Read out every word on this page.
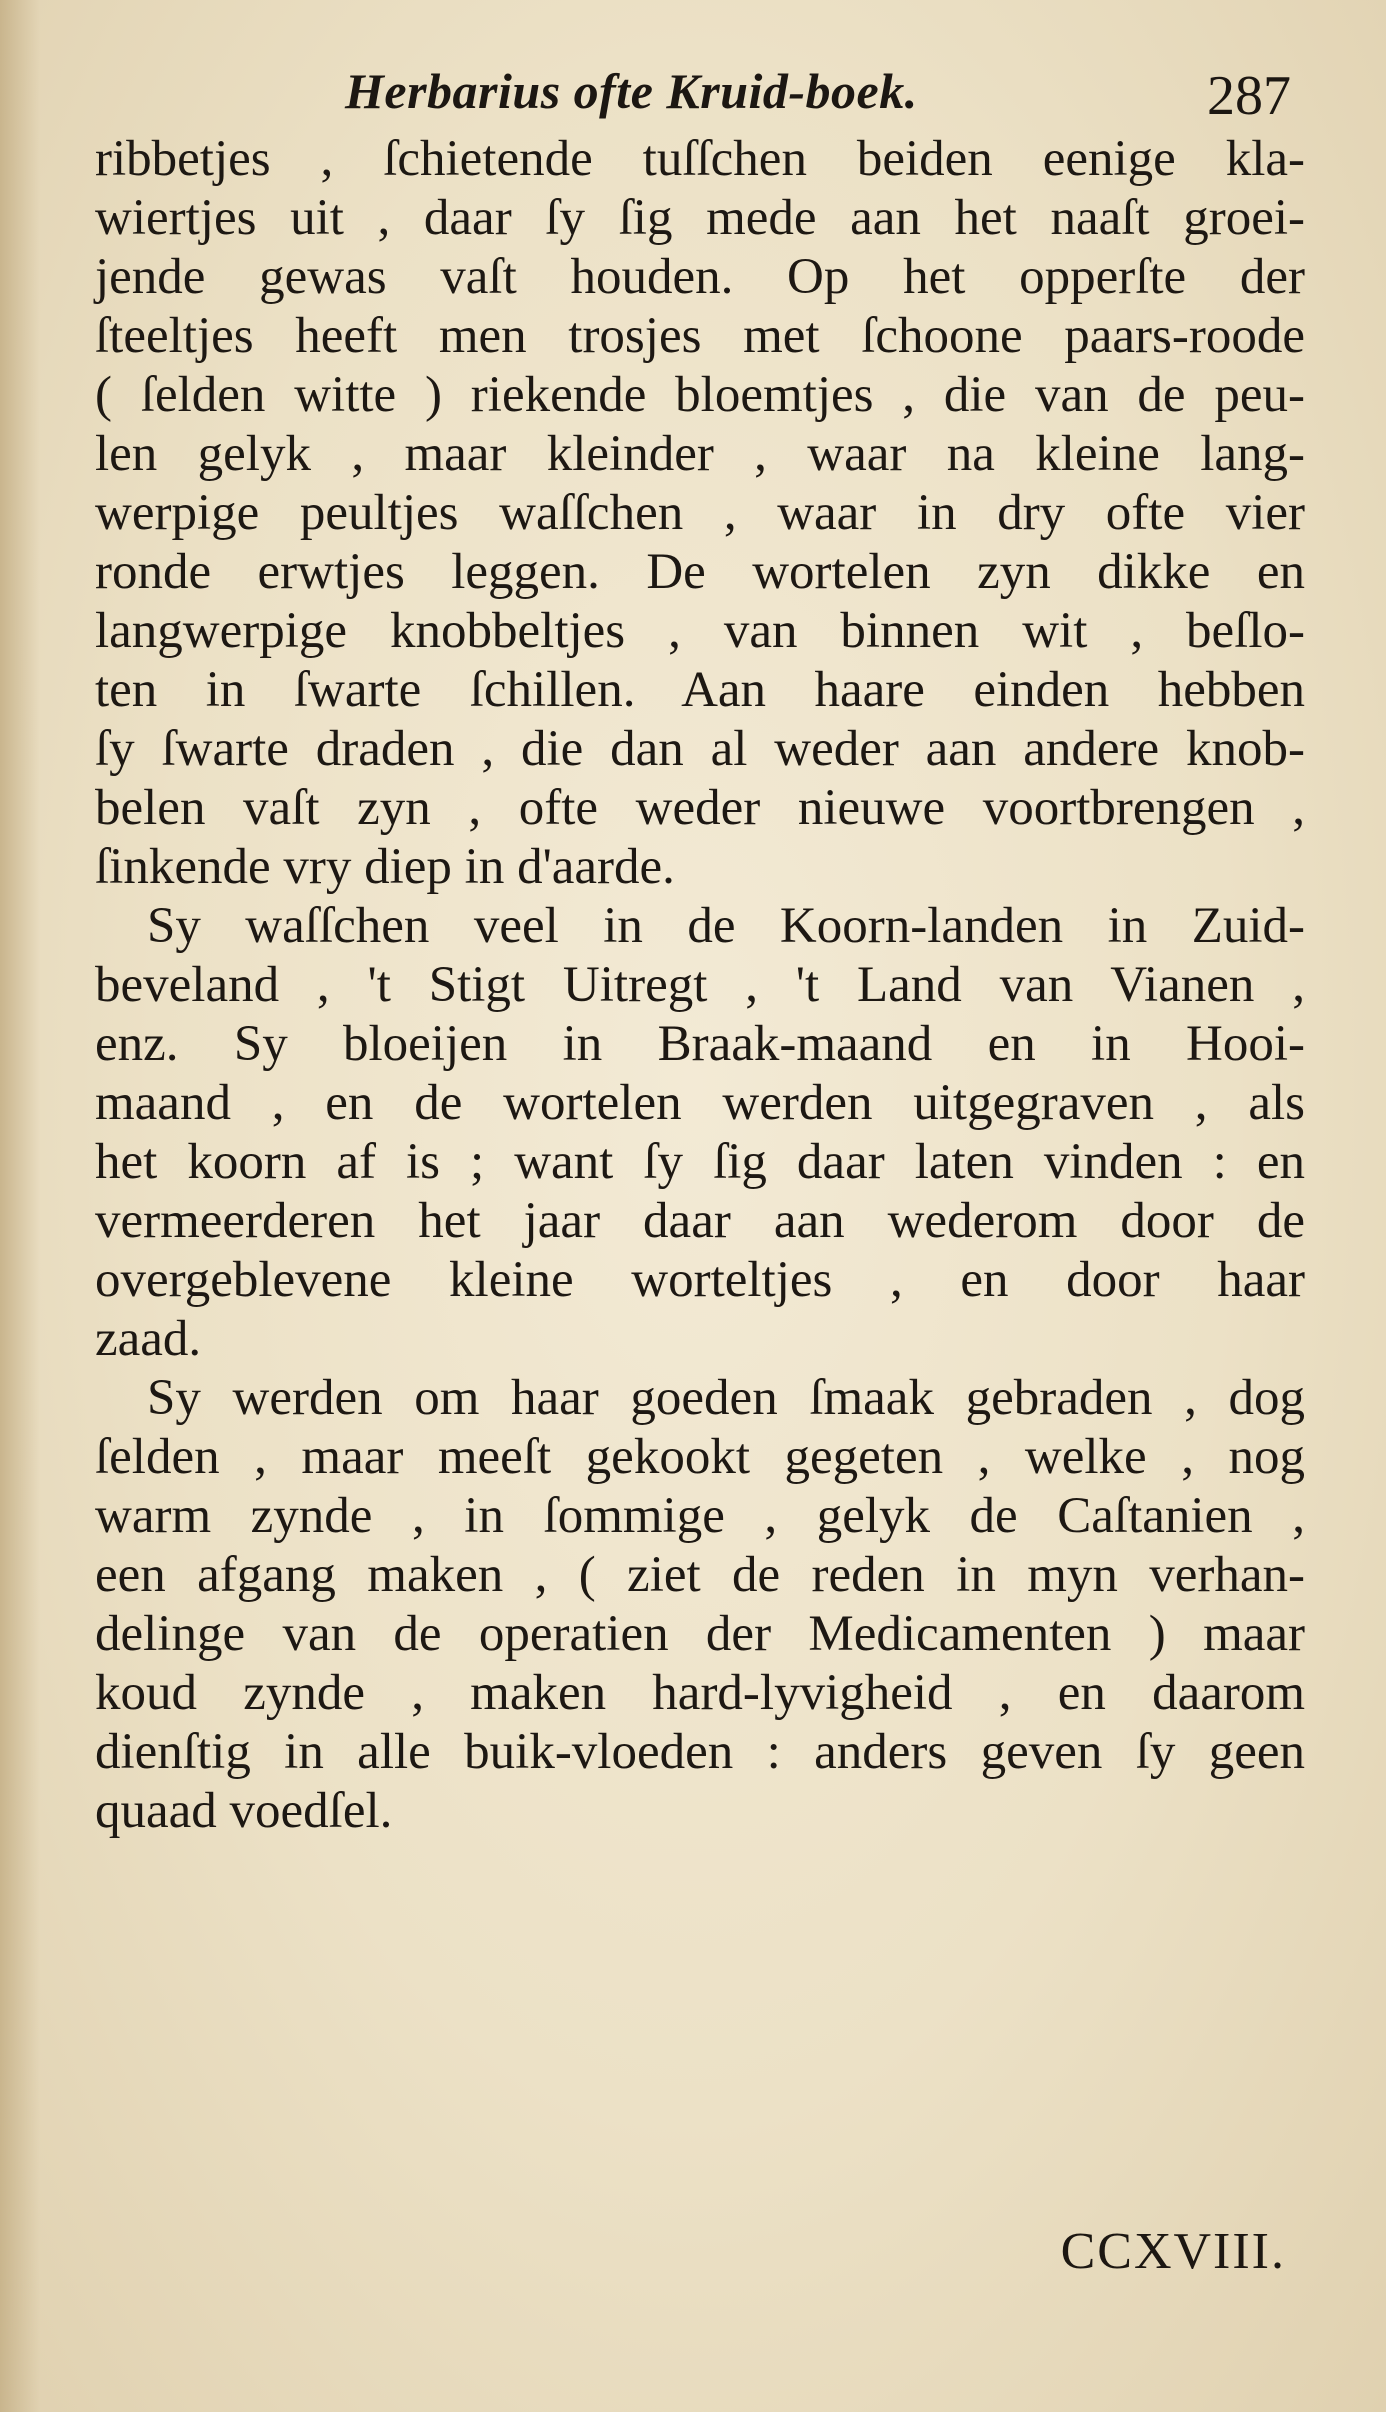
Herbarius ofte Kruid-boek.	287

ribbetjes , ſchietende tuſſchen beiden eenige kla-
wiertjes uit , daar ſy ſig mede aan het naaſt groei-
jende gewas vaſt houden. Op het opperſte der
ſteeltjes heeft men trosjes met ſchoone paars-roode
( ſelden witte ) riekende bloemtjes , die van de peu-
len gelyk , maar kleinder , waar na kleine lang-
werpige peultjes waſſchen , waar in dry ofte vier
ronde erwtjes leggen. De wortelen zyn dikke en
langwerpige knobbeltjes , van binnen wit , beſlo-
ten in ſwarte ſchillen. Aan haare einden hebben
ſy ſwarte draden , die dan al weder aan andere knob-
belen vaſt zyn , ofte weder nieuwe voortbrengen ,
ſinkende vry diep in d'aarde.

Sy waſſchen veel in de Koorn-landen in Zuid-
beveland , 't Stigt Uitregt , 't Land van Vianen ,
enz. Sy bloeijen in Braak-maand en in Hooi-
maand , en de wortelen werden uitgegraven , als
het koorn af is ; want ſy ſig daar laten vinden : en
vermeerderen het jaar daar aan wederom door de
overgeblevene kleine worteltjes , en door haar
zaad.

Sy werden om haar goeden ſmaak gebraden , dog
ſelden , maar meeſt gekookt gegeten , welke , nog
warm zynde , in ſommige , gelyk de Caſtanien ,
een afgang maken , ( ziet de reden in myn verhan-
delinge van de operatien der Medicamenten ) maar
koud zynde , maken hard-lyvigheid , en daarom
dienſtig in alle buik-vloeden : anders geven ſy geen
quaad voedſel.

CCXVIII.
